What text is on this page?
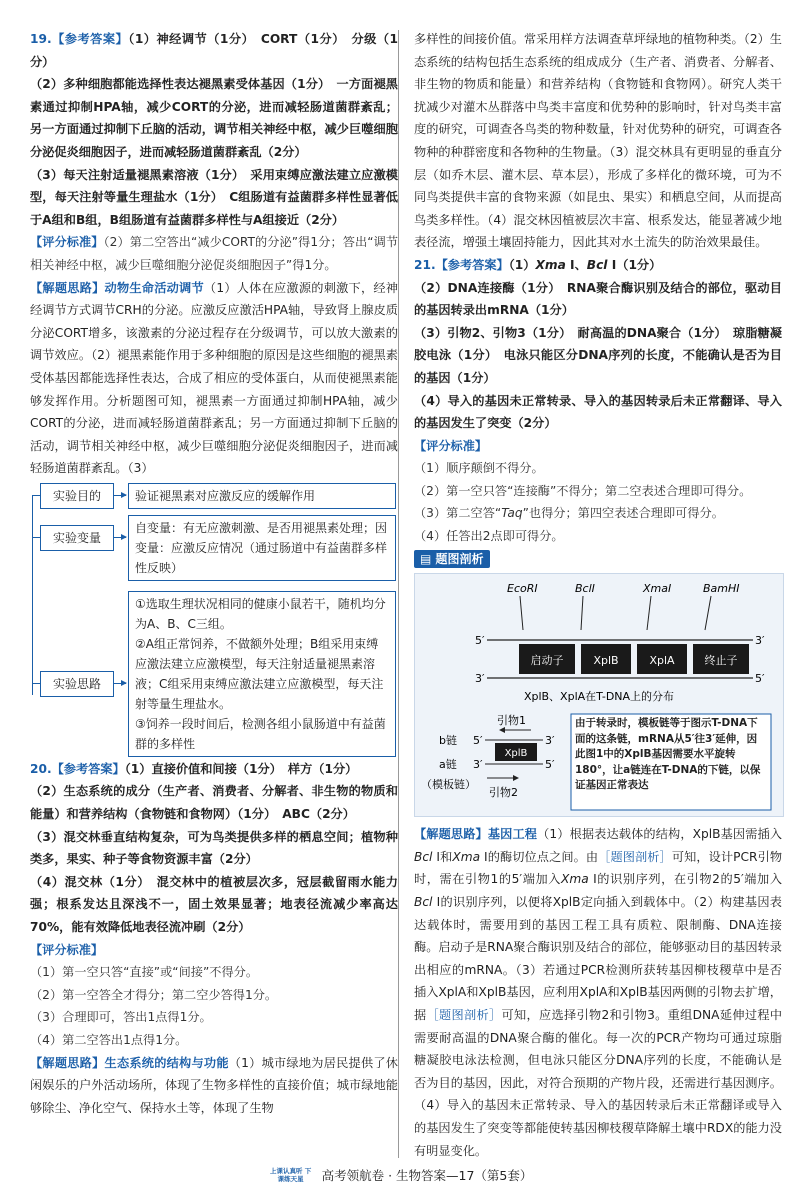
19.【参考答案】（1）神经调节（1分）　CORT（1分）　分级（1分）

（2）多种细胞都能选择性表达褪黑素受体基因（1分）　一方面褪黑素通过抑制HPA轴，减少CORT的分泌，进而减轻肠道菌群紊乱；另一方面通过抑制下丘脑的活动，调节相关神经中枢，减少巨噬细胞分泌促炎细胞因子，进而减轻肠道菌群紊乱（2分）

（3）每天注射适量褪黑素溶液（1分）　采用束缚应激法建立应激模型，每天注射等量生理盐水（1分）　C组肠道有益菌群多样性显著低于A组和B组，B组肠道有益菌群多样性与A组接近（2分）

【评分标准】（2）第二空答出“减少CORT的分泌”得1分；答出“调节相关神经中枢，减少巨噬细胞分泌促炎细胞因子”得1分。

【解题思路】动物生命活动调节（1）人体在应激源的刺激下，经神经调节方式调节CRH的分泌。应激反应激活HPA轴，导致肾上腺皮质分泌CORT增多，该激素的分泌过程存在分级调节，可以放大激素的调节效应。（2）褪黑素能作用于多种细胞的原因是这些细胞的褪黑素受体基因都能选择性表达，合成了相应的受体蛋白，从而使褪黑素能够发挥作用。分析题图可知，褪黑素一方面通过抑制HPA轴，减少CORT的分泌，进而减轻肠道菌群紊乱；另一方面通过抑制下丘脑的活动，调节相关神经中枢，减少巨噬细胞分泌促炎细胞因子，进而减轻肠道菌群紊乱。（3）

实验目的	验证褪黑素对应激反应的缓解作用
实验变量
自变量：有无应激刺激、是否用褪黑素处理；因变量：应激反应情况（通过肠道中有益菌群多样性反映）
实验思路
①选取生理状况相同的健康小鼠若干，随机均分为A、B、C三组。
②A组正常饲养，不做额外处理；B组采用束缚应激法建立应激模型，每天注射适量褪黑素溶液；C组采用束缚应激法建立应激模型，每天注射等量生理盐水。
③饲养一段时间后，检测各组小鼠肠道中有益菌群的多样性

20.【参考答案】（1）直接价值和间接（1分）　样方（1分）

（2）生态系统的成分（生产者、消费者、分解者、非生物的物质和能量）和营养结构（食物链和食物网）（1分）　ABC（2分）

（3）混交林垂直结构复杂，可为鸟类提供多样的栖息空间；植物种类多，果实、种子等食物资源丰富（2分）

（4）混交林（1分）　混交林中的植被层次多，冠层截留雨水能力强；根系发达且深浅不一，固土效果显著；地表径流减少率高达70%，能有效降低地表径流冲刷（2分）

【评分标准】

（1）第一空只答“直接”或“间接”不得分。

（2）第一空答全才得分；第二空少答得1分。

（3）合理即可，答出1点得1分。

（4）第二空答出1点得1分。

【解题思路】生态系统的结构与功能（1）城市绿地为居民提供了休闲娱乐的户外活动场所，体现了生物多样性的直接价值；城市绿地能够除尘、净化空气、保持水土等，体现了生物

多样性的间接价值。常采用样方法调查草坪绿地的植物种类。（2）生态系统的结构包括生态系统的组成成分（生产者、消费者、分解者、非生物的物质和能量）和营养结构（食物链和食物网）。研究人类干扰减少对灌木丛群落中鸟类丰富度和优势种的影响时，针对鸟类丰富度的研究，可调查各鸟类的物种数量，针对优势种的研究，可调查各物种的种群密度和各物种的生物量。（3）混交林具有更明显的垂直分层（如乔木层、灌木层、草本层），形成了多样化的微环境，可为不同鸟类提供丰富的食物来源（如昆虫、果实）和栖息空间，从而提高鸟类多样性。（4）混交林因植被层次丰富、根系发达，能显著减少地表径流，增强土壤固持能力，因此其对水土流失的防治效果最佳。

21.【参考答案】（1）Xma Ⅰ、Bcl Ⅰ（1分）

（2）DNA连接酶（1分）　RNA聚合酶识别及结合的部位，驱动目的基因转录出mRNA（1分）

（3）引物2、引物3（1分）　耐高温的DNA聚合（1分）　琼脂糖凝胶电泳（1分）　电泳只能区分DNA序列的长度，不能确认是否为目的基因（1分）

（4）导入的基因未正常转录、导入的基因转录后未正常翻译、导入的基因发生了突变（2分）

【评分标准】

（1）顺序颠倒不得分。

（2）第一空只答“连接酶”不得分；第二空表述合理即可得分。

（3）第二空答“Taq”也得分；第四空表述合理即可得分。

（4）任答出2点即可得分。

▤ 题图剖析
EcoRⅠ	BclⅠ	XmaⅠ	BamHⅠ
5′	3′
3′	5′
启动子	XplB	XplA	终止子
XplB、XplA在T-DNA上的分布
引物1
b链
a链
5′
3′
3′
5′
XplB
（模板链）
引物2
由于转录时，模板链等于图示T-DNA下面的这条链，mRNA从5′往3′延伸，因此图1中的XplB基因需要水平旋转180°，让a链连在T-DNA的下链，以保证基因正常表达

【解题思路】基因工程（1）根据表达载体的结构，XplB基因需插入Bcl Ⅰ和Xma Ⅰ的酶切位点之间。由［题图剖析］可知，设计PCR引物时，需在引物1的5′端加入Xma Ⅰ的识别序列，在引物2的5′端加入Bcl Ⅰ的识别序列，以便将XplB定向插入到载体中。（2）构建基因表达载体时，需要用到的基因工程工具有质粒、限制酶、DNA连接酶。启动子是RNA聚合酶识别及结合的部位，能够驱动目的基因转录出相应的mRNA。（3）若通过PCR检测所获转基因柳枝稷草中是否插入XplA和XplB基因，应利用XplA和XplB基因两侧的引物去扩增，据［题图剖析］可知，应选择引物2和引物3。重组DNA延伸过程中需要耐高温的DNA聚合酶的催化。每一次的PCR产物均可通过琼脂糖凝胶电泳法检测，但电泳只能区分DNA序列的长度，不能确认是否为目的基因，因此，对符合预期的产物片段，还需进行基因测序。（4）导入的基因未正常转录、导入的基因转录后未正常翻译或导入的基因发生了突变等都能使转基因柳枝稷草降解土壤中RDX的能力没有明显变化。

上课认真听 下课练天星 高考领航卷 · 生物答案—17（第5套）
